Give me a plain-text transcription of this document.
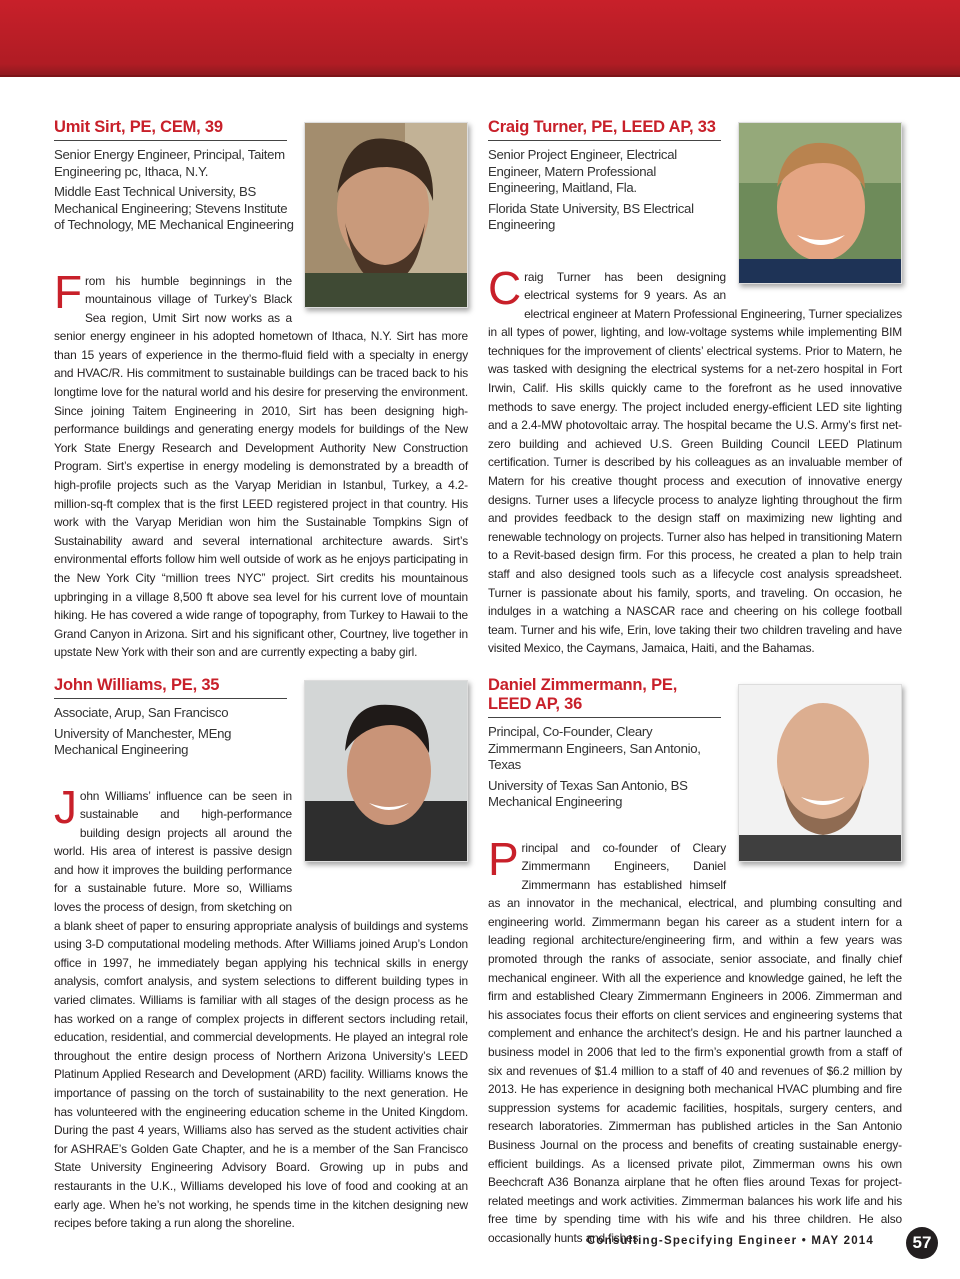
Umit Sirt, PE, CEM, 39

Senior Energy Engineer, Principal, Taitem Engineering pc, Ithaca, N.Y.

Middle East Technical University, BS Mechanical Engineering; Stevens Institute of Technology, ME Mechanical Engineering

From his humble beginnings in the mountainous village of Turkey’s Black Sea region, Umit Sirt now works as a senior energy engineer in his adopted hometown of Ithaca, N.Y. Sirt has more than 15 years of experience in the thermo-fluid field with a specialty in energy and HVAC/R. His commitment to sustainable buildings can be traced back to his longtime love for the natural world and his desire for preserving the environment. Since joining Taitem Engineering in 2010, Sirt has been designing high-performance buildings and generating energy models for buildings of the New York State Energy Research and Development Authority New Construction Program. Sirt’s expertise in energy modeling is demonstrated by a breadth of high-profile projects such as the Varyap Meridian in Istanbul, Turkey, a 4.2-million-sq-ft complex that is the first LEED registered project in that country. His work with the Varyap Meridian won him the Sustainable Tompkins Sign of Sustainability award and several international architecture awards. Sirt’s environmental efforts follow him well outside of work as he enjoys participating in the New York City “million trees NYC” project. Sirt credits his mountainous upbringing in a village 8,500 ft above sea level for his current love of mountain hiking. He has covered a wide range of topography, from Turkey to Hawaii to the Grand Canyon in Arizona. Sirt and his significant other, Courtney, live together in upstate New York with their son and are currently expecting a baby girl.

Craig Turner, PE, LEED AP, 33

Senior Project Engineer, Electrical Engineer, Matern Professional Engineering, Maitland, Fla.

Florida State University, BS Electrical Engineering

Craig Turner has been designing electrical systems for 9 years. As an electrical engineer at Matern Professional Engineering, Turner specializes in all types of power, lighting, and low-voltage systems while implementing BIM techniques for the improvement of clients’ electrical systems. Prior to Matern, he was tasked with designing the electrical systems for a net-zero hospital in Fort Irwin, Calif. His skills quickly came to the forefront as he used innovative methods to save energy. The project included energy-efficient LED site lighting and a 2.4-MW photovoltaic array. The hospital became the U.S. Army’s first net-zero building and achieved U.S. Green Building Council LEED Platinum certification. Turner is described by his colleagues as an invaluable member of Matern for his creative thought process and execution of innovative energy designs. Turner uses a lifecycle process to analyze lighting throughout the firm and provides feedback to the design staff on maximizing new lighting and renewable technology on projects. Turner also has helped in transitioning Matern to a Revit-based design firm. For this process, he created a plan to help train staff and also designed tools such as a lifecycle cost analysis spreadsheet. Turner is passionate about his family, sports, and traveling. On occasion, he indulges in a watching a NASCAR race and cheering on his college football team. Turner and his wife, Erin, love taking their two children traveling and have visited Mexico, the Caymans, Jamaica, Haiti, and the Bahamas.

John Williams, PE, 35

Associate, Arup, San Francisco

University of Manchester, MEng Mechanical Engineering

John Williams’ influence can be seen in sustainable and high-performance building design projects all around the world. His area of interest is passive design and how it improves the building performance for a sustainable future. More so, Williams loves the process of design, from sketching on a blank sheet of paper to ensuring appropriate analysis of buildings and systems using 3-D computational modeling methods. After Williams joined Arup’s London office in 1997, he immediately began applying his technical skills in energy analysis, comfort analysis, and system selections to different building types in varied climates. Williams is familiar with all stages of the design process as he has worked on a range of complex projects in different sectors including retail, education, residential, and commercial developments. He played an integral role throughout the entire design process of Northern Arizona University’s LEED Platinum Applied Research and Development (ARD) facility. Williams knows the importance of passing on the torch of sustainability to the next generation. He has volunteered with the engineering education scheme in the United Kingdom. During the past 4 years, Williams also has served as the student activities chair for ASHRAE’s Golden Gate Chapter, and he is a member of the San Francisco State University Engineering Advisory Board. Growing up in pubs and restaurants in the U.K., Williams developed his love of food and cooking at an early age. When he’s not working, he spends time in the kitchen designing new recipes before taking a run along the shoreline.

Daniel Zimmermann, PE, LEED AP, 36

Principal, Co-Founder, Cleary Zimmermann Engineers, San Antonio, Texas

University of Texas San Antonio, BS Mechanical Engineering

Principal and co-founder of Cleary Zimmermann Engineers, Daniel Zimmermann has established himself as an innovator in the mechanical, electrical, and plumbing consulting and engineering world. Zimmermann began his career as a student intern for a leading regional architecture/engineering firm, and within a few years was promoted through the ranks of associate, senior associate, and finally chief mechanical engineer. With all the experience and knowledge gained, he left the firm and established Cleary Zimmermann Engineers in 2006. Zimmerman and his associates focus their efforts on client services and engineering systems that complement and enhance the architect’s design. He and his partner launched a business model in 2006 that led to the firm’s exponential growth from a staff of six and revenues of $1.4 million to a staff of 40 and revenues of $6.2 million by 2013. He has experience in designing both mechanical HVAC plumbing and fire suppression systems for academic facilities, hospitals, surgery centers, and research laboratories. Zimmerman has published articles in the San Antonio Business Journal on the process and benefits of creating sustainable energy-efficient buildings. As a licensed private pilot, Zimmerman owns his own Beechcraft A36 Bonanza airplane that he often flies around Texas for project-related meetings and work activities. Zimmerman balances his work life and his free time by spending time with his wife and his three children. He also occasionally hunts and fishes.

Consulting-Specifying Engineer • MAY 2014	57
